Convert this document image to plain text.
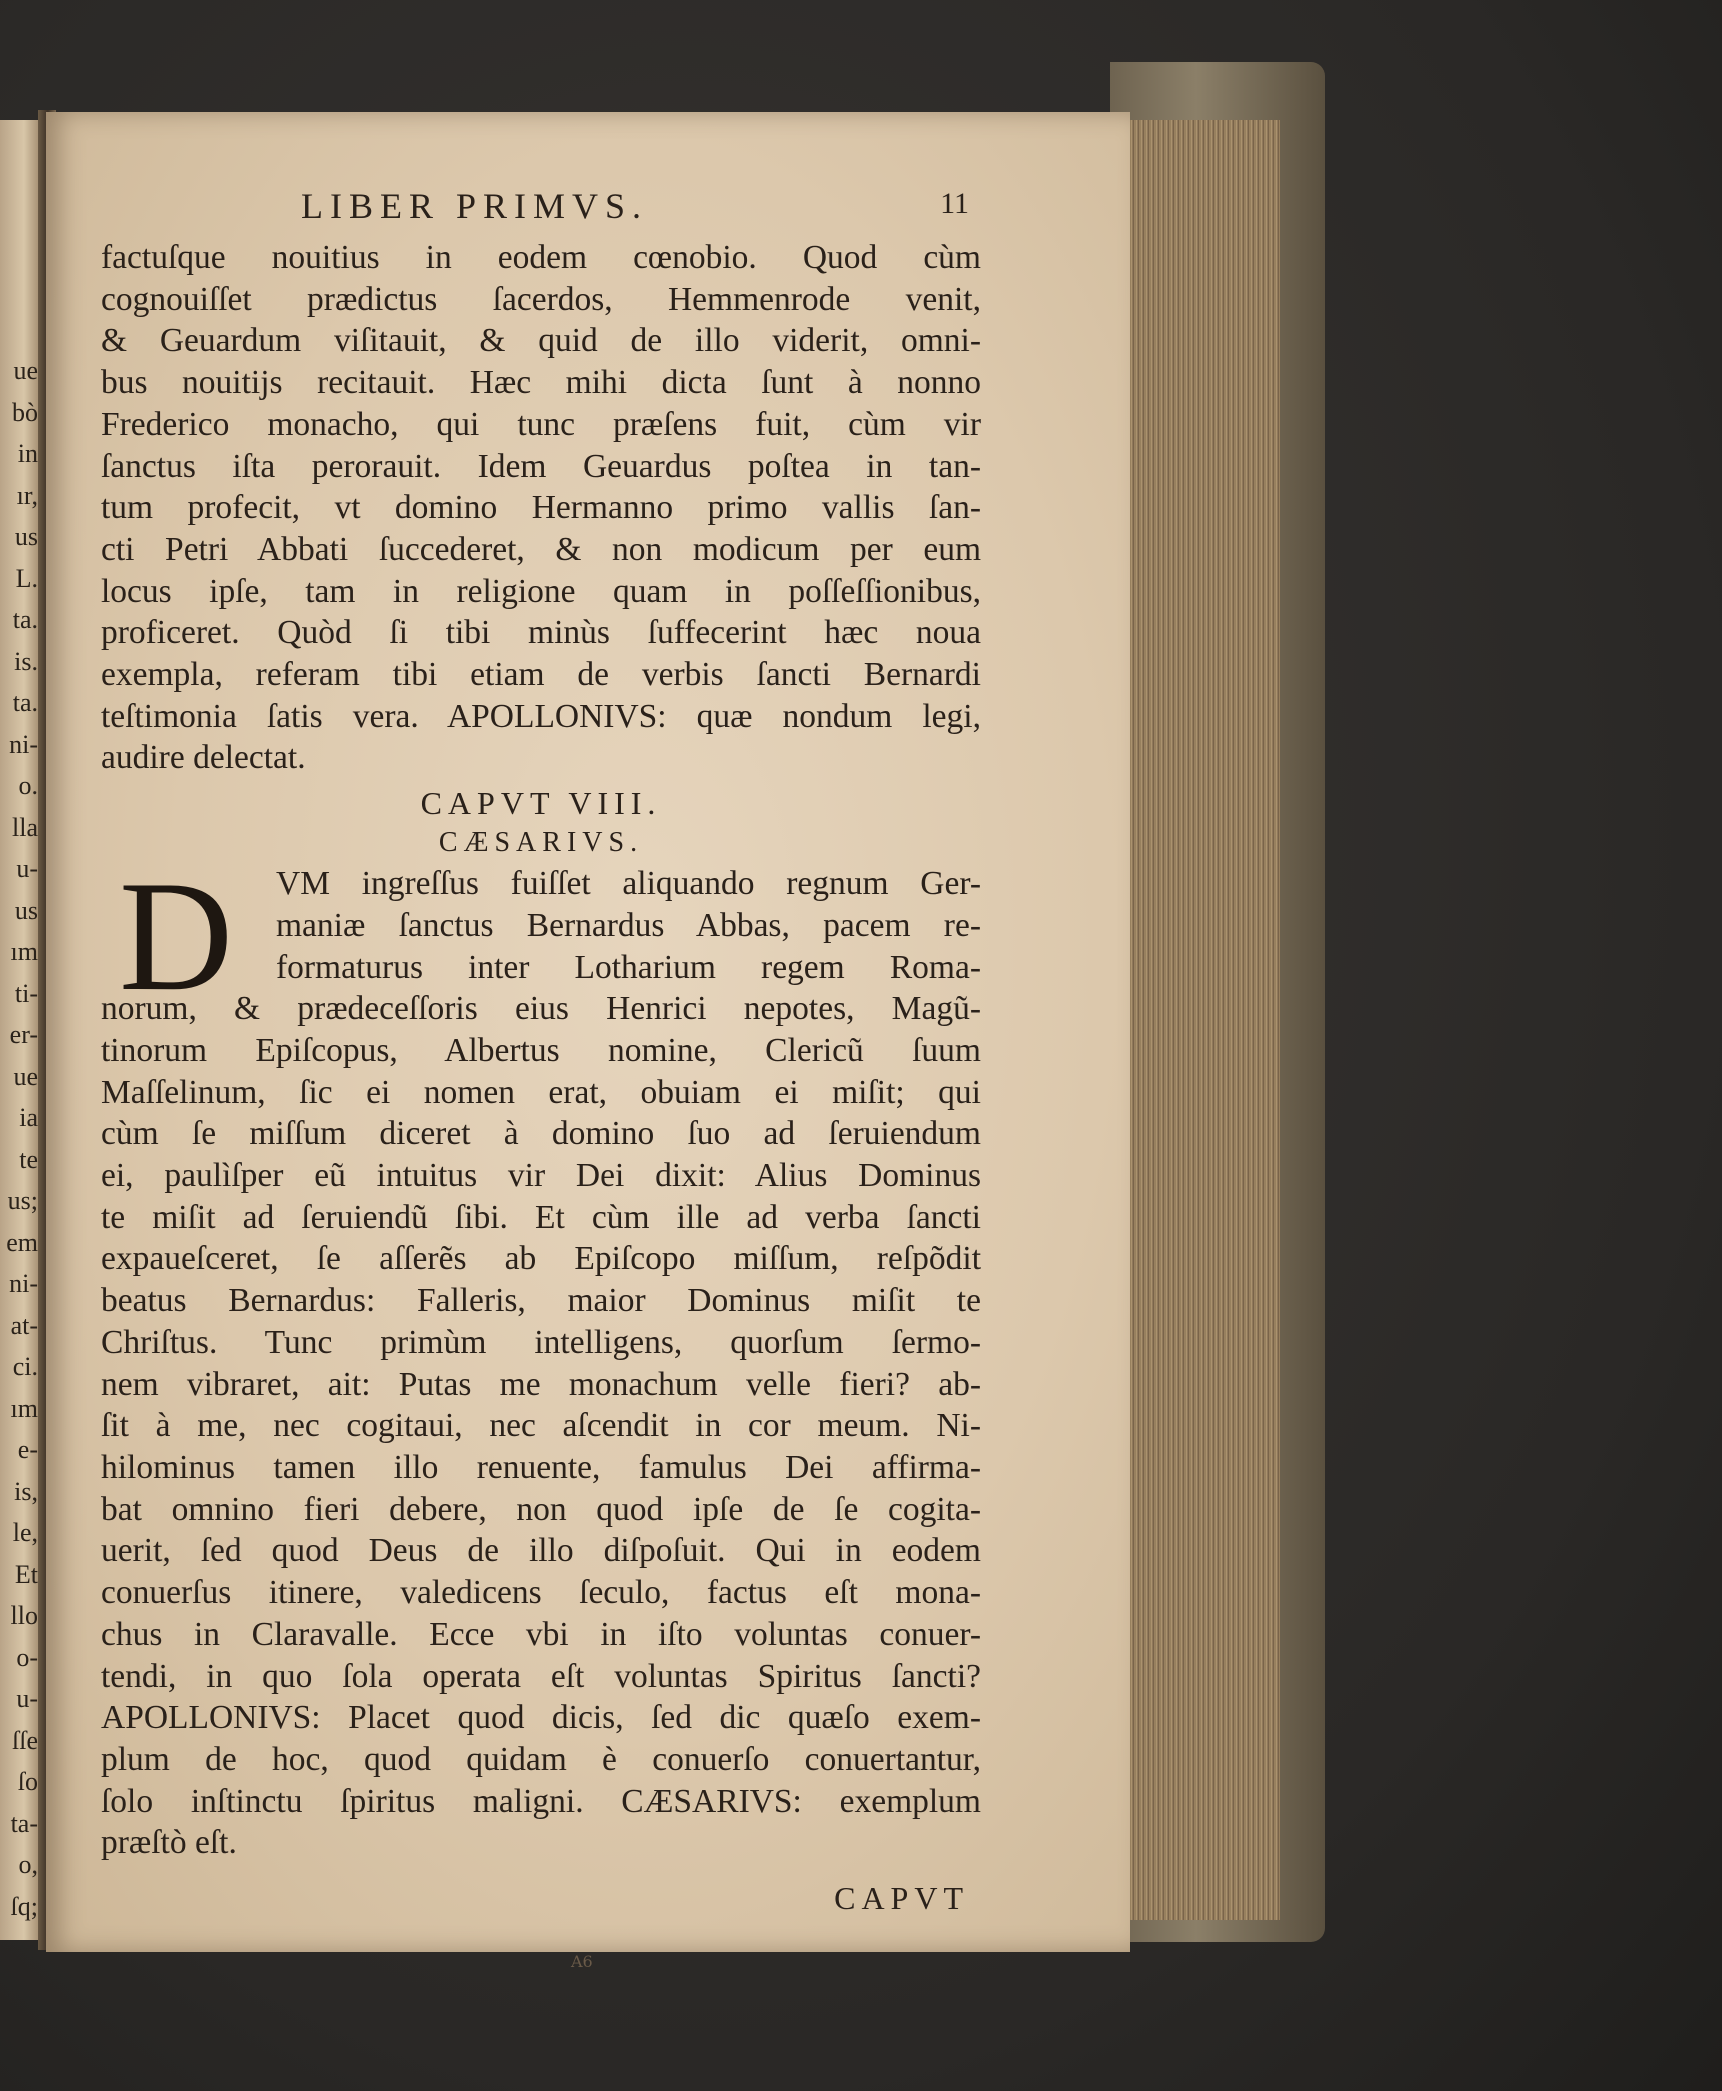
ue
bò
in
ır,
us
L.
ta.
is.
ta.
ni-
o.
lla
u-
us
ım
ti-
er-
ue
ia
te
us;
em
ni-
at-
ci.
ım
e-
is,
le,
Et
llo
o-
u-
ſſe
ſo
ta-
o,
ſq;
LIBER PRIMVS.	11
factuſque nouitius in eodem cœnobio. Quod cùm
cognouiſſet prædictus ſacerdos, Hemmenrode venit,
& Geuardum viſitauit, & quid de illo viderit, omni-
bus nouitijs recitauit. Hæc mihi dicta ſunt à nonno
Frederico monacho, qui tunc præſens fuit, cùm vir
ſanctus iſta perorauit. Idem Geuardus poſtea in tan-
tum profecit, vt domino Hermanno primo vallis ſan-
cti Petri Abbati ſuccederet, & non modicum per eum
locus ipſe, tam in religione quam in poſſeſſionibus,
proficeret. Quòd ſi tibi minùs ſuffecerint hæc noua
exempla, referam tibi etiam de verbis ſancti Bernardi
teſtimonia ſatis vera. APOLLONIVS: quæ nondum legi,
audire delectat.
CAPVT VIII.
CÆSARIVS.
D VM ingreſſus fuiſſet aliquando regnum Ger-
maniæ ſanctus Bernardus Abbas, pacem re-
formaturus inter Lotharium regem Roma-
norum, & prædeceſſoris eius Henrici nepotes, Magũ-
tinorum Epiſcopus, Albertus nomine, Clericũ ſuum
Maſſelinum, ſic ei nomen erat, obuiam ei miſit; qui
cùm ſe miſſum diceret à domino ſuo ad ſeruiendum
ei, paulìſper eũ intuitus vir Dei dixit: Alius Dominus
te miſit ad ſeruiendũ ſibi. Et cùm ille ad verba ſancti
expaueſceret, ſe aſſerẽs ab Epiſcopo miſſum, reſpõdit
beatus Bernardus: Falleris, maior Dominus miſit te
Chriſtus. Tunc primùm intelligens, quorſum ſermo-
nem vibraret, ait: Putas me monachum velle fieri? ab-
ſit à me, nec cogitaui, nec aſcendit in cor meum. Ni-
hilominus tamen illo renuente, famulus Dei affirma-
bat omnino fieri debere, non quod ipſe de ſe cogita-
uerit, ſed quod Deus de illo diſpoſuit. Qui in eodem
conuerſus itinere, valedicens ſeculo, factus eſt mona-
chus in Claravalle. Ecce vbi in iſto voluntas conuer-
tendi, in quo ſola operata eſt voluntas Spiritus ſancti?
APOLLONIVS: Placet quod dicis, ſed dic quæſo exem-
plum de hoc, quod quidam è conuerſo conuertantur,
ſolo inſtinctu ſpiritus maligni. CÆSARIVS: exemplum
præſtò eſt.
CAPVT
A6
